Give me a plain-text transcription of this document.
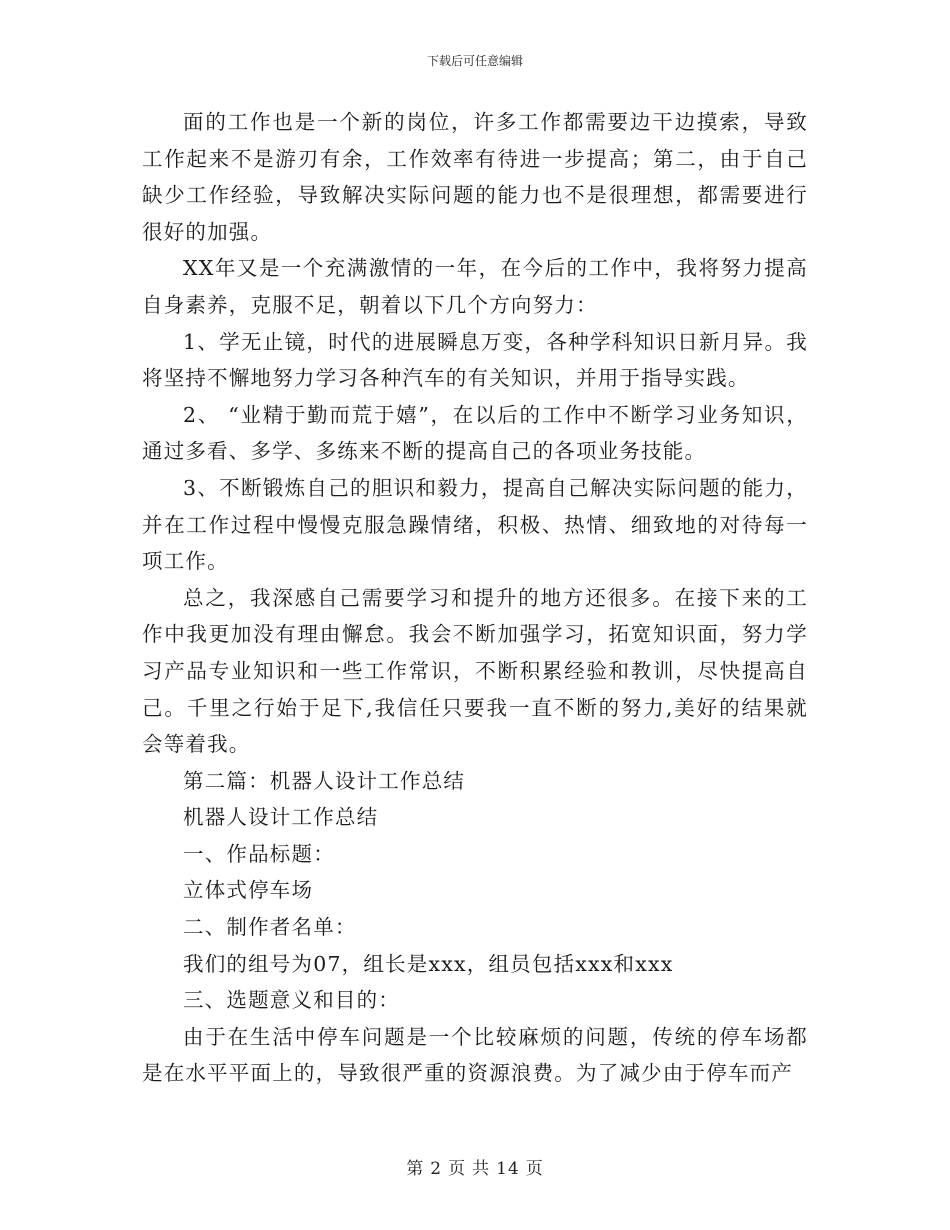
下载后可任意编辑

面的工作也是一个新的岗位，许多工作都需要边干边摸索，导致工作起来不是游刃有余，工作效率有待进一步提高；第二，由于自己缺少工作经验，导致解决实际问题的能力也不是很理想，都需要进行很好的加强。

XX年又是一个充满激情的一年，在今后的工作中，我将努力提高自身素养，克服不足，朝着以下几个方向努力：

1、学无止镜，时代的进展瞬息万变，各种学科知识日新月异。我将坚持不懈地努力学习各种汽车的有关知识，并用于指导实践。

2、 “业精于勤而荒于嬉”，在以后的工作中不断学习业务知识，通过多看、多学、多练来不断的提高自己的各项业务技能。

3、不断锻炼自己的胆识和毅力，提高自己解决实际问题的能力，并在工作过程中慢慢克服急躁情绪，积极、热情、细致地的对待每一项工作。

总之，我深感自己需要学习和提升的地方还很多。在接下来的工作中我更加没有理由懈怠。我会不断加强学习，拓宽知识面，努力学习产品专业知识和一些工作常识，不断积累经验和教训，尽快提高自己。千里之行始于足下,我信任只要我一直不断的努力,美好的结果就会等着我。

第二篇：机器人设计工作总结

机器人设计工作总结

一、作品标题：

立体式停车场

二、制作者名单：

我们的组号为07，组长是xxx，组员包括xxx和xxx

三、选题意义和目的：

由于在生活中停车问题是一个比较麻烦的问题，传统的停车场都是在水平平面上的，导致很严重的资源浪费。为了减少由于停车而产

第 2 页 共 14 页
